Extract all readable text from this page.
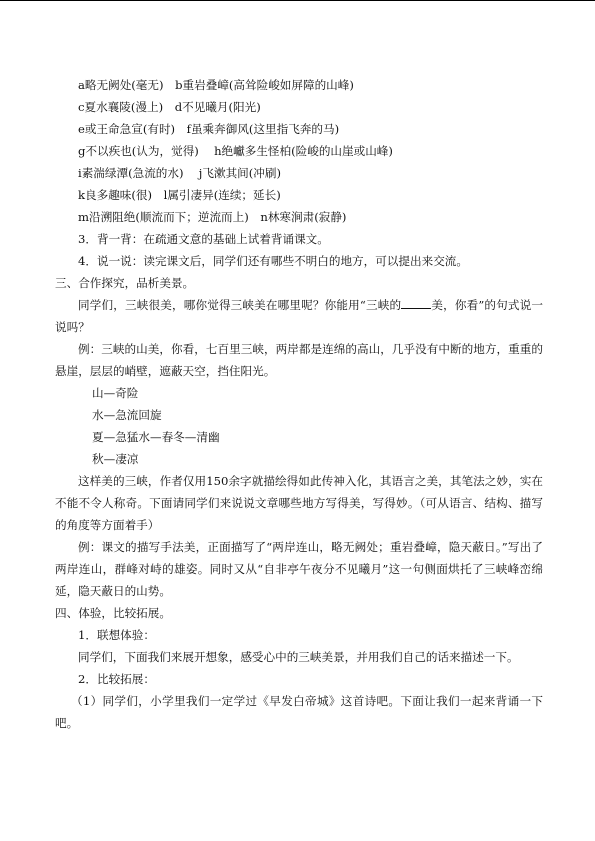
a略无阙处(毫无)　b重岩叠嶂(高耸险峻如屏障的山峰)
c夏水襄陵(漫上)　d不见曦月(阳光)
e或王命急宣(有时)　f虽乘奔御风(这里指飞奔的马)
g不以疾也(认为，觉得)　 h绝巘多生怪柏(险峻的山崖或山峰)
i素湍绿潭(急流的水)　 j飞漱其间(冲刷)
k良多趣味(很)　l属引凄异(连续；延长)
m沿溯阻绝(顺流而下；逆流而上)　n林寒涧肃(寂静)
3．背一背：在疏通文意的基础上试着背诵课文。
4．说一说：读完课文后，同学们还有哪些不明白的地方，可以提出来交流。
三、合作探究，品析美景。
同学们，三峡很美，哪你觉得三峡美在哪里呢？你能用“三峡的	美，你看”的句式说一说吗？
例：三峡的山美，你看，七百里三峡，两岸都是连绵的高山，几乎没有中断的地方，重重的悬崖，层层的峭壁，遮蔽天空，挡住阳光。
山—奇险
水—急流回旋
夏—急猛水—春冬—清幽
秋—凄凉
这样美的三峡，作者仅用150余字就描绘得如此传神入化，其语言之美，其笔法之妙，实在不能不令人称奇。下面请同学们来说说文章哪些地方写得美，写得妙。（可从语言、结构、描写的角度等方面着手）
例：课文的描写手法美，正面描写了“两岸连山，略无阙处；重岩叠嶂，隐天蔽日。”写出了两岸连山，群峰对峙的雄姿。同时又从“自非亭午夜分不见曦月”这一句侧面烘托了三峡峰峦绵延，隐天蔽日的山势。
四、体验，比较拓展。
1．联想体验：
同学们，下面我们来展开想象，感受心中的三峡美景，并用我们自己的话来描述一下。
2．比较拓展：
（1）同学们，小学里我们一定学过《早发白帝城》这首诗吧。下面让我们一起来背诵一下吧。
